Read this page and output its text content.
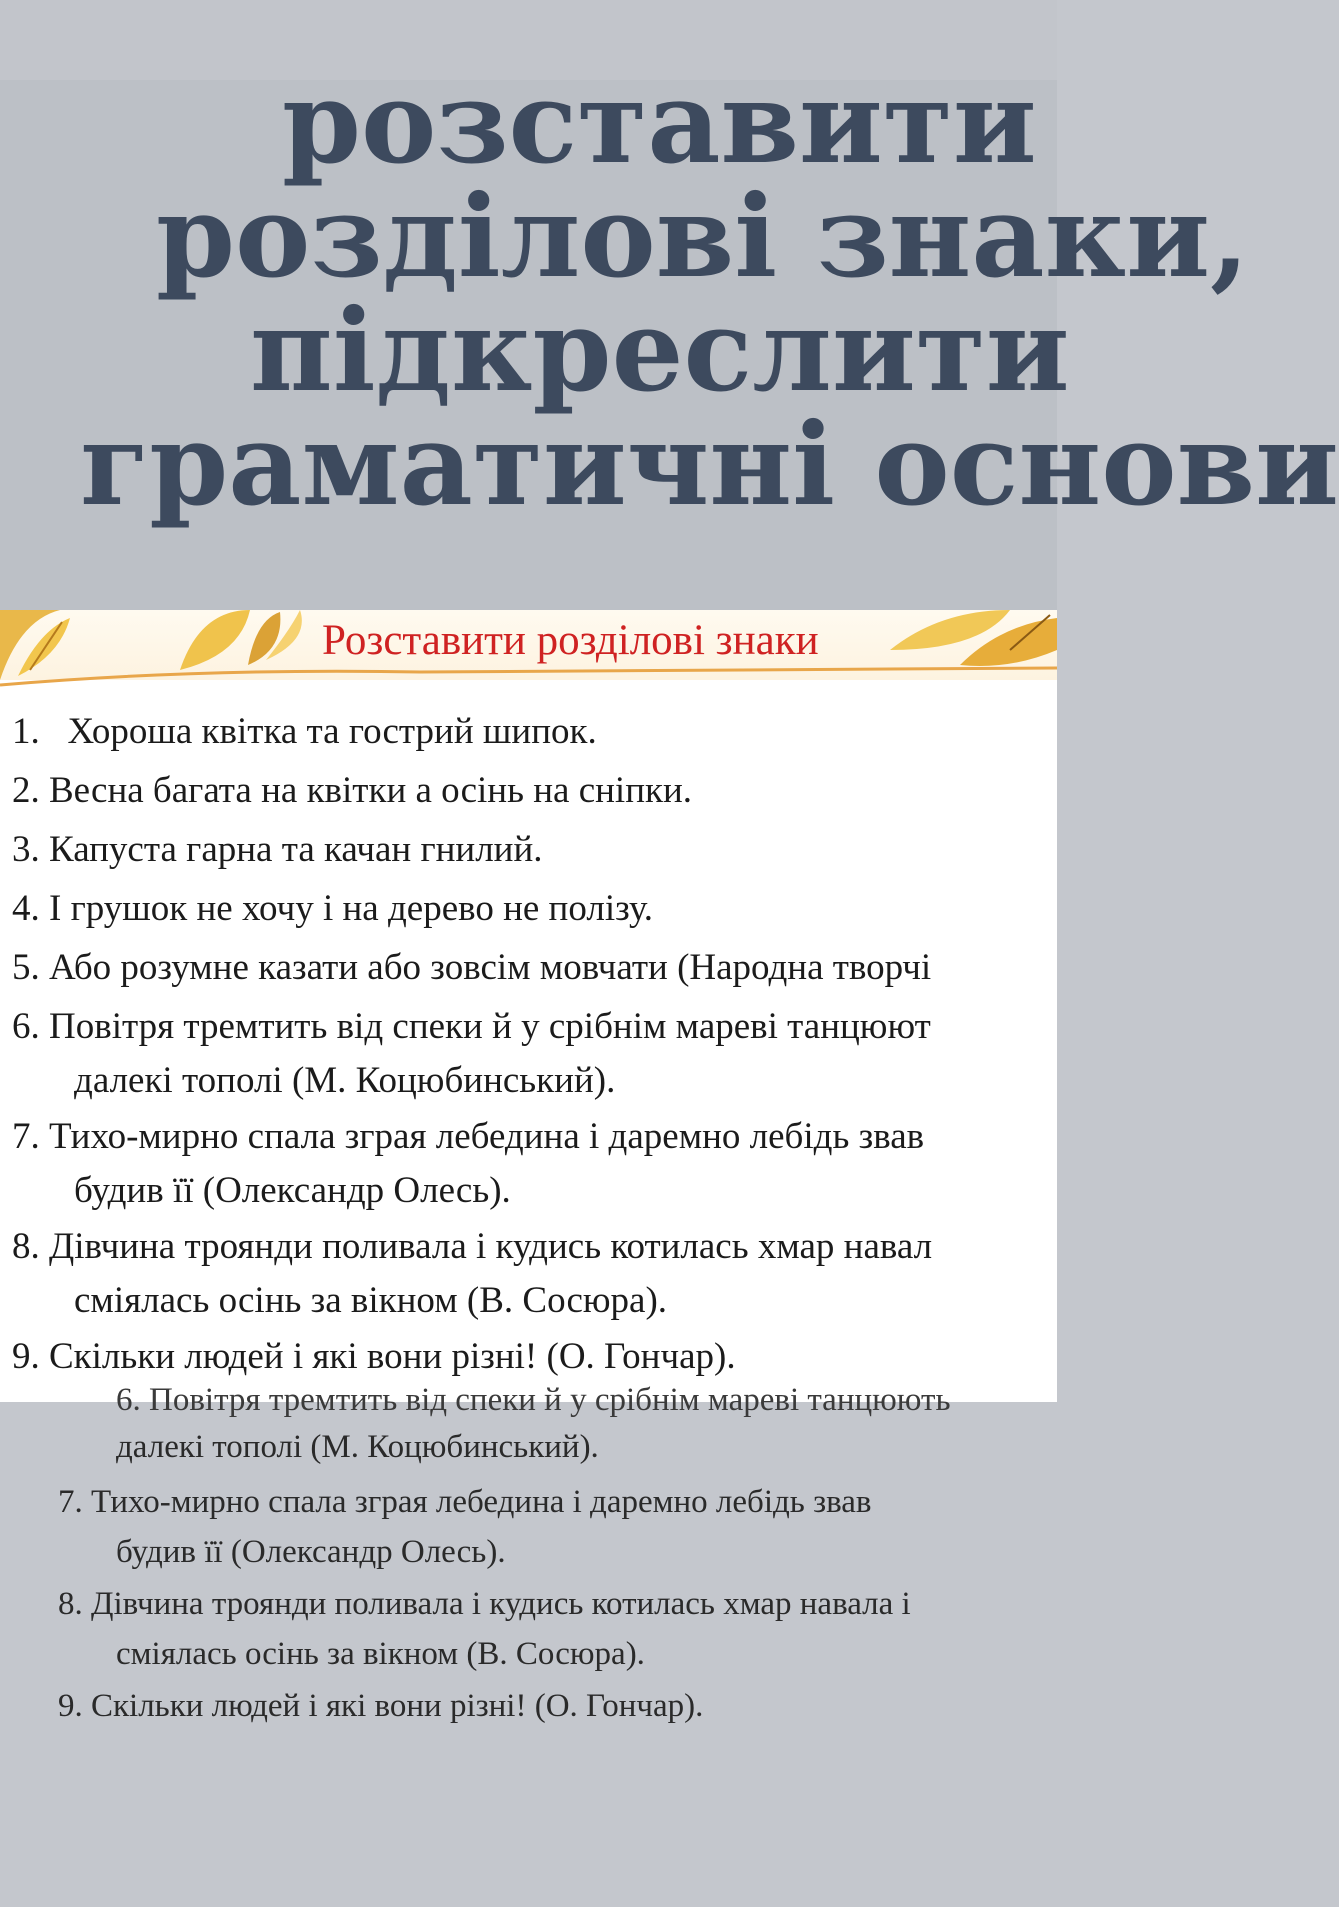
розставити
розділові знаки,
підкреслити
граматичні основи
Розставити розділові знаки
1. Хороша квітка та гострий шипок.
2. Весна багата на квітки а осінь на сніпки.
3. Капуста гарна та качан гнилий.
4. І грушок не хочу і на дерево не полізу.
5. Або розумне казати або зовсім мовчати (Народна творчі
6. Повітря тремтить від спеки й у срібнім мареві танцюют
далекі тополі (М. Коцюбинський).
7. Тихо-мирно спала зграя лебедина і даремно лебідь звав
будив її (Олександр Олесь).
8. Дівчина троянди поливала і кудись котилась хмар навал
сміялась осінь за вікном (В. Сосюра).
9. Скільки людей і які вони різні! (О. Гончар).
6. Повітря тремтить від спеки й у срібнім мареві танцюють
далекі тополі (М. Коцюбинський).
7. Тихо-мирно спала зграя лебедина і даремно лебідь звав
будив її (Олександр Олесь).
8. Дівчина троянди поливала і кудись котилась хмар навала і
сміялась осінь за вікном (В. Сосюра).
9. Скільки людей і які вони різні! (О. Гончар).
